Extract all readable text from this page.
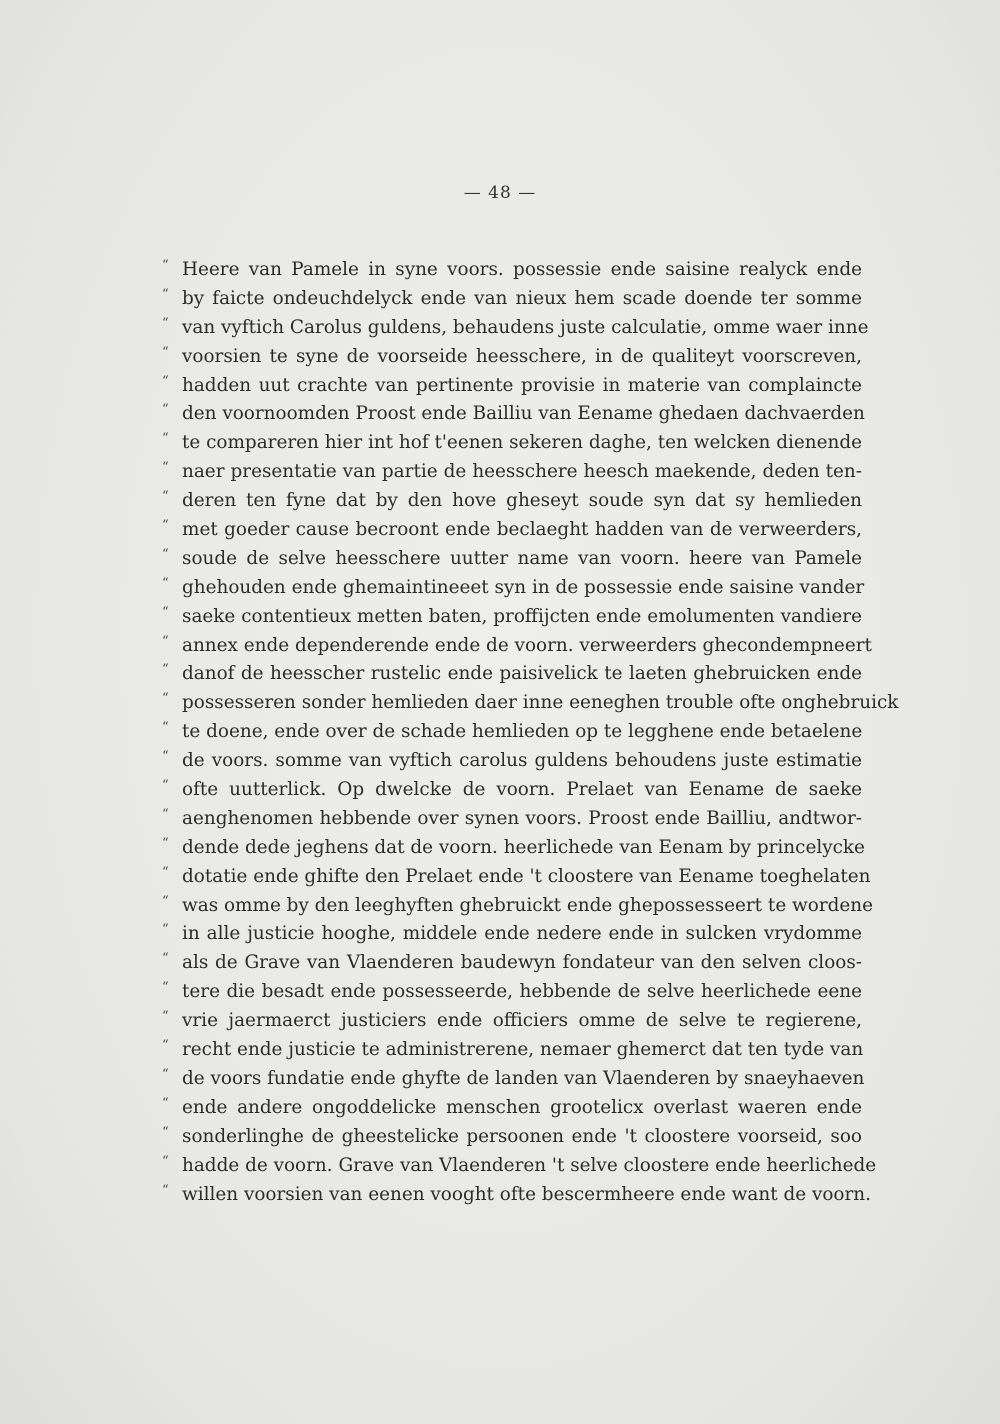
— 48 —
“ Heere van Pamele in syne voors. possessie ende saisine realyck ende
“ by faicte ondeuchdelyck ende van nieux hem scade doende ter somme
“ van vyftich Carolus guldens, behaudens juste calculatie, omme waer inne
“ voorsien te syne de voorseide heesschere, in de qualiteyt voorscreven,
“ hadden uut crachte van pertinente provisie in materie van complaincte
“ den voornoomden Proost ende Bailliu van Eename ghedaen dachvaerden
“ te compareren hier int hof t'eenen sekeren daghe, ten welcken dienende
“ naer presentatie van partie de heesschere heesch maekende, deden ten-
“ deren ten fyne dat by den hove gheseyt soude syn dat sy hemlieden
“ met goeder cause becroont ende beclaeght hadden van de verweerders,
“ soude de selve heesschere uutter name van voorn. heere van Pamele
“ ghehouden ende ghemaintineeet syn in de possessie ende saisine vander
“ saeke contentieux metten baten, proffijcten ende emolumenten vandiere
“ annex ende dependerende ende de voorn. verweerders ghecondempneert
“ danof de heesscher rustelic ende paisivelick te laeten ghebruicken ende
“ possesseren sonder hemlieden daer inne eeneghen trouble ofte onghebruick
“ te doene, ende over de schade hemlieden op te legghene ende betaelene
“ de voors. somme van vyftich carolus guldens behoudens juste estimatie
“ ofte uutterlick. Op dwelcke de voorn. Prelaet van Eename de saeke
“ aenghenomen hebbende over synen voors. Proost ende Bailliu, andtwor-
“ dende dede jeghens dat de voorn. heerlichede van Eenam by princelycke
“ dotatie ende ghifte den Prelaet ende 't cloostere van Eename toeghelaten
“ was omme by den leeghyften ghebruickt ende ghepossesseert te wordene
“ in alle justicie hooghe, middele ende nedere ende in sulcken vrydomme
“ als de Grave van Vlaenderen baudewyn fondateur van den selven cloos-
“ tere die besadt ende possesseerde, hebbende de selve heerlichede eene
“ vrie jaermaerct justiciers ende officiers omme de selve te regierene,
“ recht ende justicie te administrerene, nemaer ghemerct dat ten tyde van
“ de voors fundatie ende ghyfte de landen van Vlaenderen by snaeyhaeven
“ ende andere ongoddelicke menschen grootelicx overlast waeren ende
“ sonderlinghe de gheestelicke persoonen ende 't cloostere voorseid, soo
“ hadde de voorn. Grave van Vlaenderen 't selve cloostere ende heerlichede
“ willen voorsien van eenen vooght ofte bescermheere ende want de voorn.
